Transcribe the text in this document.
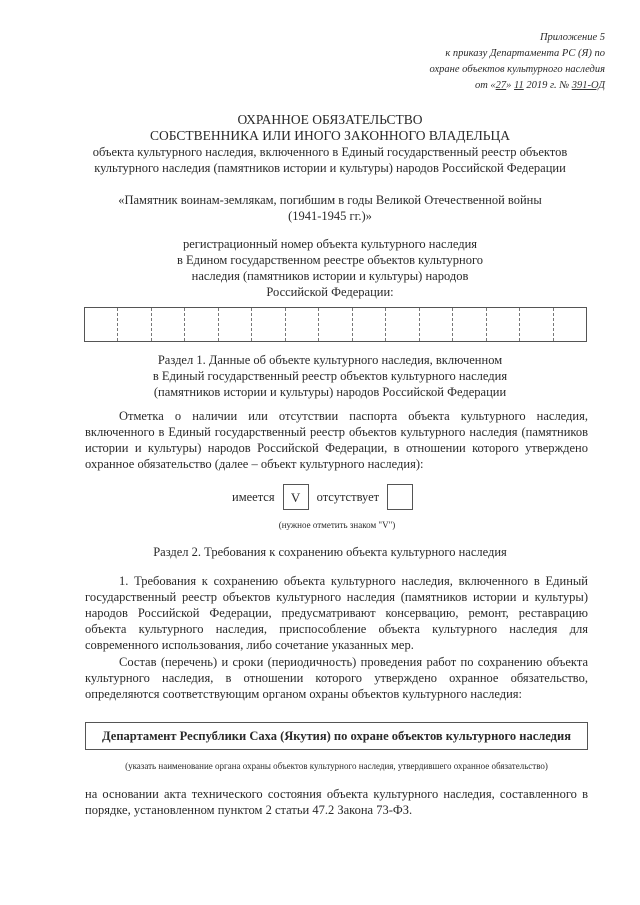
Приложение 5
к приказу Департамента РС (Я) по
охране объектов культурного наследия
от «27» 11 2019 г. № 391-ОД
ОХРАННОЕ ОБЯЗАТЕЛЬСТВО
СОБСТВЕННИКА ИЛИ ИНОГО ЗАКОННОГО ВЛАДЕЛЬЦА
объекта культурного наследия, включенного в Единый государственный реестр объектов
культурного наследия (памятников истории и культуры) народов Российской Федерации
«Памятник воинам-землякам, погибшим в годы Великой Отечественной войны
(1941-1945 гг.)»
регистрационный номер объекта культурного наследия
в Едином государственном реестре объектов культурного
наследия (памятников истории и культуры) народов
Российской Федерации:
Раздел 1. Данные об объекте культурного наследия, включенном
в Единый государственный реестр объектов культурного наследия
(памятников истории и культуры) народов Российской Федерации

Отметка о наличии или отсутствии паспорта объекта культурного наследия, включенного в Единый государственный реестр объектов культурного наследия (памятников истории и культуры) народов Российской Федерации, в отношении которого утверждено охранное обязательство (далее – объект культурного наследия):

имеется	V	отсутствует
(нужное отметить знаком "V")
Раздел 2. Требования к сохранению объекта культурного наследия

1. Требования к сохранению объекта культурного наследия, включенного в Единый государственный реестр объектов культурного наследия (памятников истории и культуры) народов Российской Федерации, предусматривают консервацию, ремонт, реставрацию объекта культурного наследия, приспособление объекта культурного наследия для современного использования, либо сочетание указанных мер.

Состав (перечень) и сроки (периодичность) проведения работ по сохранению объекта культурного наследия, в отношении которого утверждено охранное обязательство, определяются соответствующим органом охраны объектов культурного наследия:

Департамент Республики Саха (Якутия) по охране объектов культурного наследия
(указать наименование органа охраны объектов культурного наследия, утвердившего охранное обязательство)

на основании акта технического состояния объекта культурного наследия, составленного в порядке, установленном пунктом 2 статьи 47.2 Закона 73-ФЗ.
